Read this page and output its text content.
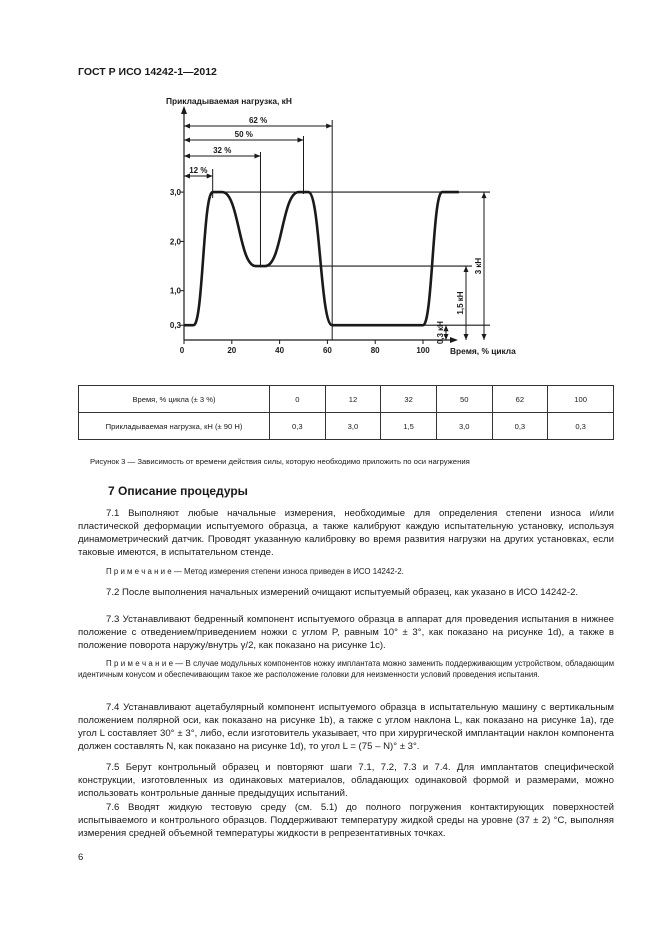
ГОСТ Р ИСО 14242-1—2012
Прикладываемая нагрузка, кН
Время, % цикла
0	20	40	60	80	100
0,3
1,0
2,0
3,0
12 %
32 %
50 %
62 %
3 кН
1,5 кН
0,3 кН
Время, % цикла (± 3 %)	0	12	32	50	62	100
Прикладываемая нагрузка, кН (± 90 Н)	0,3	3,0	1,5	3,0	0,3	0,3
Рисунок 3 — Зависимость от времени действия силы, которую необходимо приложить по оси нагружения
7 Описание процедуры
7.1 Выполняют любые начальные измерения, необходимые для определения степени износа и/или пластической деформации испытуемого образца, а также калибруют каждую испытательную установку, используя динамометрический датчик. Проводят указанную калибровку во время развития нагрузки на других установках, если таковые имеются, в испытательном стенде.
П р и м е ч а н и е — Метод измерения степени износа приведен в ИСО 14242-2.
7.2 После выполнения начальных измерений очищают испытуемый образец, как указано в ИСО 14242-2.
7.3 Устанавливают бедренный компонент испытуемого образца в аппарат для проведения испытания в нижнее положение с отведением/приведением ножки с углом P, равным 10° ± 3°, как показано на рисунке 1d), а также в положение поворота наружу/внутрь γ/2, как показано на рисунке 1c).
П р и м е ч а н и е — В случае модульных компонентов ножку имплантата можно заменить поддерживающим устройством, обладающим идентичным конусом и обеспечивающим такое же расположение головки для неизменности условий проведения испытания.
7.4 Устанавливают ацетабулярный компонент испытуемого образца в испытательную машину с вертикальным положением полярной оси, как показано на рисунке 1b), а также с углом наклона L, как показано на рисунке 1a), где угол L составляет 30° ± 3°, либо, если изготовитель указывает, что при хирургической имплантации наклон компонента должен составлять N, как показано на рисунке 1d), то угол L = (75 – N)° ± 3°.
7.5 Берут контрольный образец и повторяют шаги 7.1, 7.2, 7.3 и 7.4. Для имплантатов специфической конструкции, изготовленных из одинаковых материалов, обладающих одинаковой формой и размерами, можно использовать контрольные данные предыдущих испытаний.
7.6 Вводят жидкую тестовую среду (см. 5.1) до полного погружения контактирующих поверхностей испытываемого и контрольного образцов. Поддерживают температуру жидкой среды на уровне (37 ± 2) °С, выполняя измерения средней объемной температуры жидкости в репрезентативных точках.
6
